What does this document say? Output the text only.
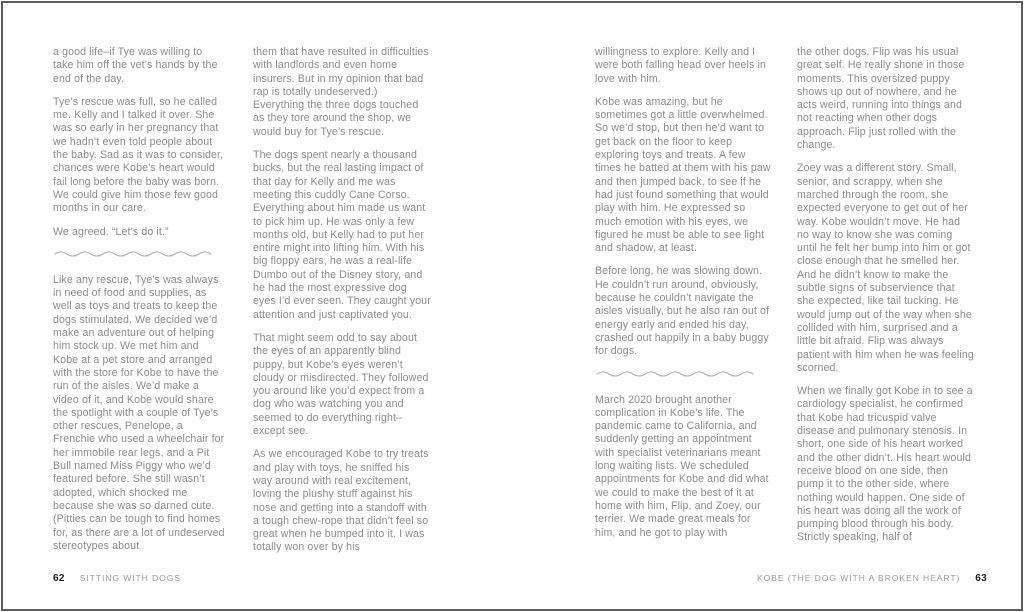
a good life–if Tye was willing to take him off the vet’s hands by the end of the day.

Tye’s rescue was full, so he called me. Kelly and I talked it over. She was so early in her pregnancy that we hadn’t even told people about the baby. Sad as it was to consider, chances were Kobe’s heart would fail long before the baby was born. We could give him those few good months in our care.

We agreed. “Let’s do it.”

Like any rescue, Tye’s was always in need of food and supplies, as well as toys and treats to keep the dogs stimulated. We decided we’d make an adventure out of helping him stock up. We met him and Kobe at a pet store and arranged with the store for Kobe to have the run of the aisles. We’d make a video of it, and Kobe would share the spotlight with a couple of Tye’s other rescues, Penelope, a Frenchie who used a wheelchair for her immobile rear legs, and a Pit Bull named Miss Piggy who we’d featured before. She still wasn’t adopted, which shocked me because she was so darned cute. (Pitties can be tough to find homes for, as there are a lot of undeserved stereotypes about

them that have resulted in difficulties with landlords and even home insurers. But in my opinion that bad rap is totally undeserved.) Everything the three dogs touched as they tore around the shop, we would buy for Tye’s rescue.

The dogs spent nearly a thousand bucks, but the real lasting impact of that day for Kelly and me was meeting this cuddly Cane Corso. Everything about him made us want to pick him up. He was only a few months old, but Kelly had to put her entire might into lifting him. With his big floppy ears, he was a real-life Dumbo out of the Disney story, and he had the most expressive dog eyes I’d ever seen. They caught your attention and just captivated you.

That might seem odd to say about the eyes of an apparently blind puppy, but Kobe’s eyes weren’t cloudy or misdirected. They followed you around like you’d expect from a dog who was watching you and seemed to do everything right–except see.

As we encouraged Kobe to try treats and play with toys, he sniffed his way around with real excitement, loving the plushy stuff against his nose and getting into a standoff with a tough chew-rope that didn’t feel so great when he bumped into it. I was totally won over by his

62 SITTING WITH DOGS

willingness to explore. Kelly and I were both falling head over heels in love with him.

Kobe was amazing, but he sometimes got a little overwhelmed. So we’d stop, but then he’d want to get back on the floor to keep exploring toys and treats. A few times he batted at them with his paw and then jumped back, to see if he had just found something that would play with him. He expressed so much emotion with his eyes, we figured he must be able to see light and shadow, at least.

Before long, he was slowing down. He couldn’t run around, obviously, because he couldn’t navigate the aisles visually, but he also ran out of energy early and ended his day, crashed out happily in a baby buggy for dogs.

March 2020 brought another complication in Kobe’s life. The pandemic came to California, and suddenly getting an appointment with specialist veterinarians meant long waiting lists. We scheduled appointments for Kobe and did what we could to make the best of it at home with him, Flip, and Zoey, our terrier. We made great meals for him, and he got to play with

the other dogs. Flip was his usual great self. He really shone in those moments. This oversized puppy shows up out of nowhere, and he acts weird, running into things and not reacting when other dogs approach. Flip just rolled with the change.

Zoey was a different story. Small, senior, and scrappy, when she marched through the room, she expected everyone to get out of her way. Kobe wouldn’t move. He had no way to know she was coming until he felt her bump into him or got close enough that he smelled her. And he didn’t know to make the subtle signs of subservience that she expected, like tail tucking. He would jump out of the way when she collided with him, surprised and a little bit afraid. Flip was always patient with him when he was feeling scorned.

When we finally got Kobe in to see a cardiology specialist, he confirmed that Kobe had tricuspid valve disease and pulmonary stenosis. In short, one side of his heart worked and the other didn’t. His heart would receive blood on one side, then pump it to the other side, where nothing would happen. One side of his heart was doing all the work of pumping blood through his body. Strictly speaking, half of

KOBE (THE DOG WITH A BROKEN HEART) 63
